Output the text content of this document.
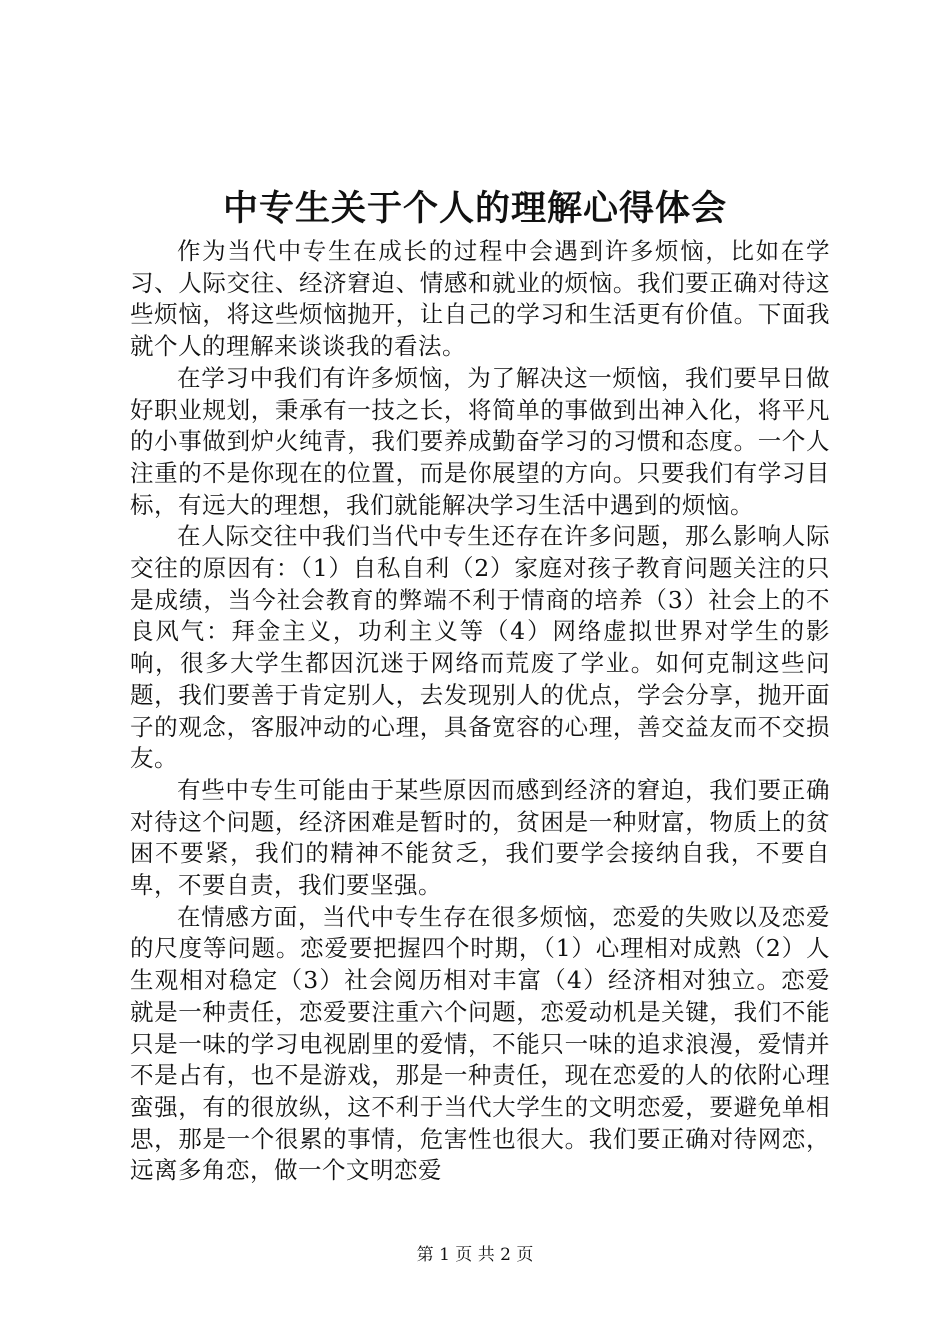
中专生关于个人的理解心得体会

作为当代中专生在成长的过程中会遇到许多烦恼，比如在学习、人际交往、经济窘迫、情感和就业的烦恼。我们要正确对待这些烦恼，将这些烦恼抛开，让自己的学习和生活更有价值。下面我就个人的理解来谈谈我的看法。

在学习中我们有许多烦恼，为了解决这一烦恼，我们要早日做好职业规划，秉承有一技之长，将简单的事做到出神入化，将平凡的小事做到炉火纯青，我们要养成勤奋学习的习惯和态度。一个人注重的不是你现在的位置，而是你展望的方向。只要我们有学习目标，有远大的理想，我们就能解决学习生活中遇到的烦恼。

在人际交往中我们当代中专生还存在许多问题，那么影响人际交往的原因有：（1）自私自利（2）家庭对孩子教育问题关注的只是成绩，当今社会教育的弊端不利于情商的培养（3）社会上的不良风气：拜金主义，功利主义等（4）网络虚拟世界对学生的影响，很多大学生都因沉迷于网络而荒废了学业。如何克制这些问题，我们要善于肯定别人，去发现别人的优点，学会分享，抛开面子的观念，客服冲动的心理，具备宽容的心理，善交益友而不交损友。

有些中专生可能由于某些原因而感到经济的窘迫，我们要正确对待这个问题，经济困难是暂时的，贫困是一种财富，物质上的贫困不要紧，我们的精神不能贫乏，我们要学会接纳自我，不要自卑，不要自责，我们要坚强。

在情感方面，当代中专生存在很多烦恼，恋爱的失败以及恋爱的尺度等问题。恋爱要把握四个时期，（1）心理相对成熟（2）人生观相对稳定（3）社会阅历相对丰富（4）经济相对独立。恋爱就是一种责任，恋爱要注重六个问题，恋爱动机是关键，我们不能只是一味的学习电视剧里的爱情，不能只一味的追求浪漫，爱情并不是占有，也不是游戏，那是一种责任，现在恋爱的人的依附心理蛮强，有的很放纵，这不利于当代大学生的文明恋爱，要避免单相思，那是一个很累的事情，危害性也很大。我们要正确对待网恋，远离多角恋，做一个文明恋爱

第 1 页 共 2 页
